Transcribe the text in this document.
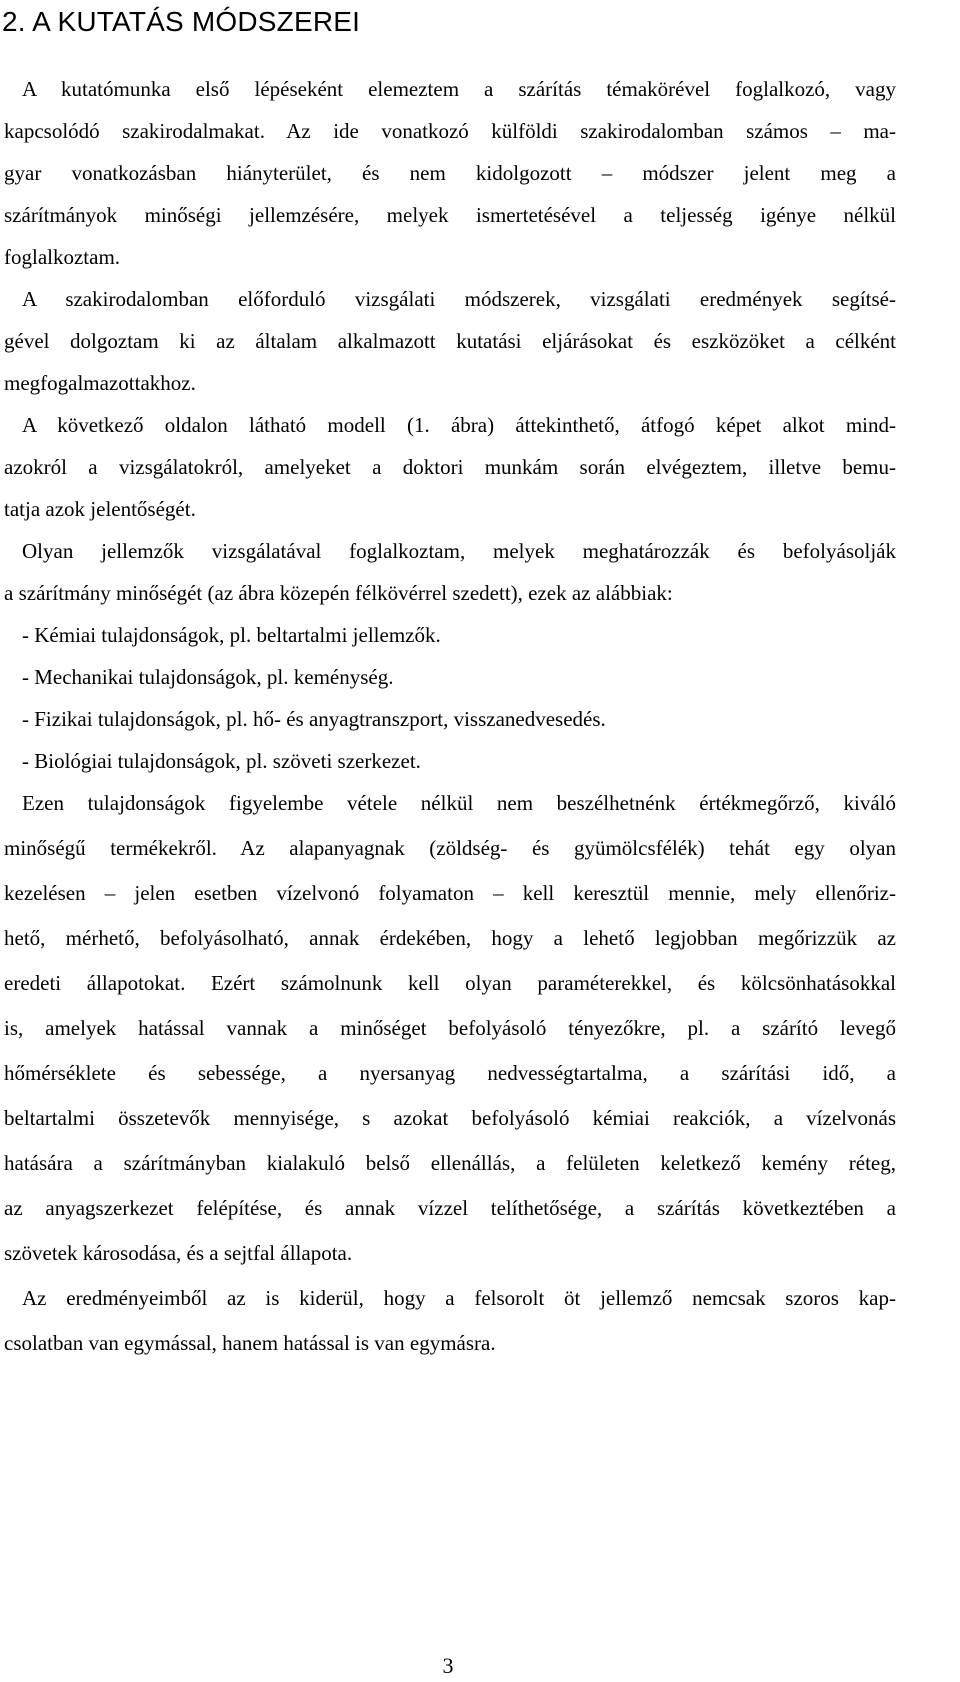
2. A KUTATÁS MÓDSZEREI

A kutatómunka első lépéseként elemeztem a szárítás témakörével foglalkozó, vagy

kapcsolódó szakirodalmakat. Az ide vonatkozó külföldi szakirodalomban számos – ma-

gyar vonatkozásban hiányterület, és nem kidolgozott – módszer jelent meg a

szárítmányok minőségi jellemzésére, melyek ismertetésével a teljesség igénye nélkül

foglalkoztam.

A szakirodalomban előforduló vizsgálati módszerek, vizsgálati eredmények segítsé-

gével dolgoztam ki az általam alkalmazott kutatási eljárásokat és eszközöket a célként

megfogalmazottakhoz.

A következő oldalon látható modell (1. ábra) áttekinthető, átfogó képet alkot mind-

azokról a vizsgálatokról, amelyeket a doktori munkám során elvégeztem, illetve bemu-

tatja azok jelentőségét.

Olyan jellemzők vizsgálatával foglalkoztam, melyek meghatározzák és befolyásolják

a szárítmány minőségét (az ábra közepén félkövérrel szedett), ezek az alábbiak:

- Kémiai tulajdonságok, pl. beltartalmi jellemzők.

- Mechanikai tulajdonságok, pl. keménység.

- Fizikai tulajdonságok, pl. hő- és anyagtranszport, visszanedvesedés.

- Biológiai tulajdonságok, pl. szöveti szerkezet.

Ezen tulajdonságok figyelembe vétele nélkül nem beszélhetnénk értékmegőrző, kiváló

minőségű termékekről. Az alapanyagnak (zöldség- és gyümölcsfélék) tehát egy olyan

kezelésen – jelen esetben vízelvonó folyamaton – kell keresztül mennie, mely ellenőriz-

hető, mérhető, befolyásolható, annak érdekében, hogy a lehető legjobban megőrizzük az

eredeti állapotokat. Ezért számolnunk kell olyan paraméterekkel, és kölcsönhatásokkal

is, amelyek hatással vannak a minőséget befolyásoló tényezőkre, pl. a szárító levegő

hőmérséklete és sebessége, a nyersanyag nedvességtartalma, a szárítási idő, a

beltartalmi összetevők mennyisége, s azokat befolyásoló kémiai reakciók, a vízelvonás

hatására a szárítmányban kialakuló belső ellenállás, a felületen keletkező kemény réteg,

az anyagszerkezet felépítése, és annak vízzel telíthetősége, a szárítás következtében a

szövetek károsodása, és a sejtfal állapota.

Az eredményeimből az is kiderül, hogy a felsorolt öt jellemző nemcsak szoros kap-

csolatban van egymással, hanem hatással is van egymásra.

3
